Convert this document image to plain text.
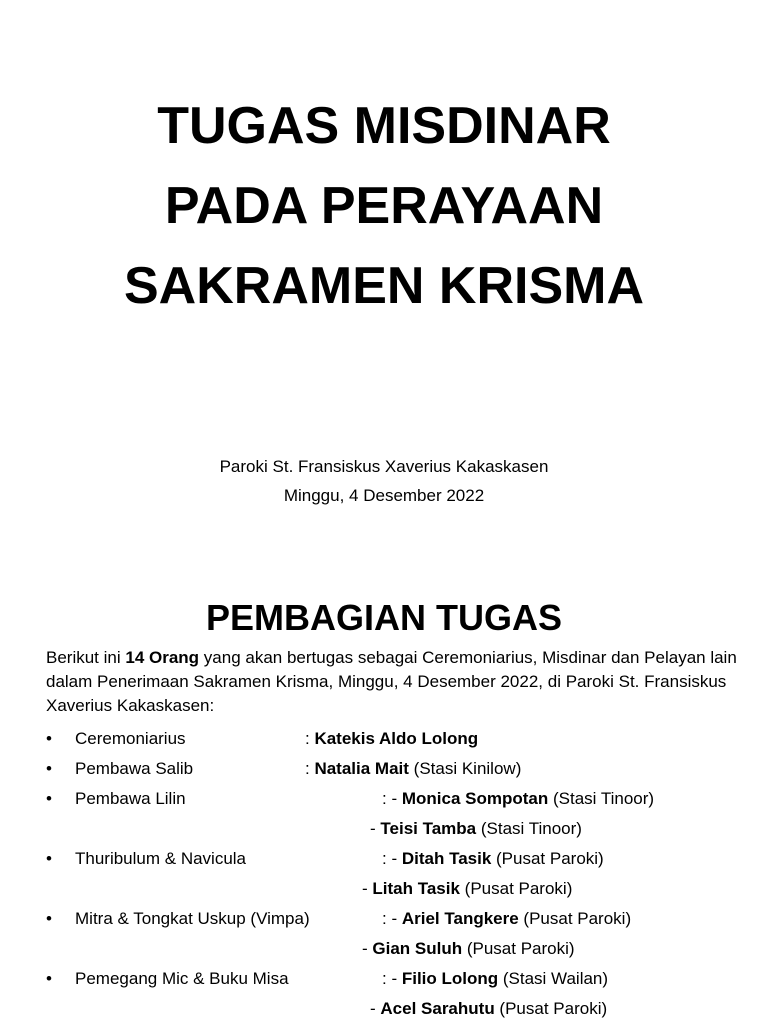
TUGAS MISDINAR
PADA PERAYAAN
SAKRAMEN KRISMA
Paroki St. Fransiskus Xaverius Kakaskasen
Minggu, 4 Desember 2022
PEMBAGIAN TUGAS
Berikut ini 14 Orang yang akan bertugas sebagai Ceremoniarius, Misdinar dan Pelayan lain dalam Penerimaan Sakramen Krisma, Minggu, 4 Desember 2022, di Paroki St. Fransiskus Xaverius Kakaskasen:
• Ceremoniarius	: Katekis Aldo Lolong
• Pembawa Salib	: Natalia Mait (Stasi Kinilow)
• Pembawa Lilin	: - Monica Sompotan (Stasi Tinoor)
- Teisi Tamba (Stasi Tinoor)
• Thuribulum & Navicula	: - Ditah Tasik (Pusat Paroki)
- Litah Tasik (Pusat Paroki)
• Mitra & Tongkat Uskup (Vimpa)	: - Ariel Tangkere (Pusat Paroki)
- Gian Suluh (Pusat Paroki)
• Pemegang Mic & Buku Misa	: - Filio Lolong (Stasi Wailan)
- Acel Sarahutu (Pusat Paroki)
